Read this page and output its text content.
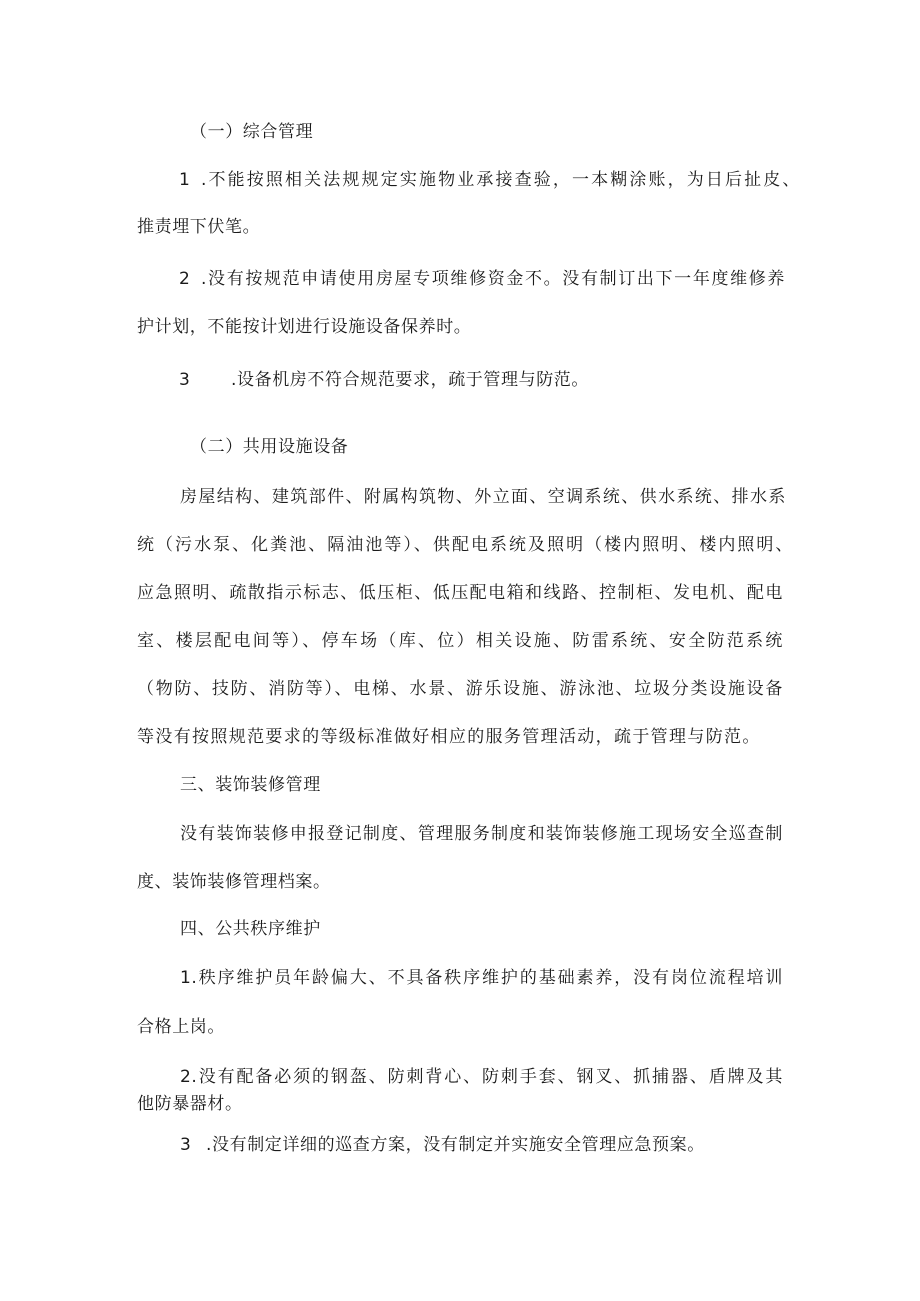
（一）综合管理
1 .不能按照相关法规规定实施物业承接查验，一本糊涂账，为日后扯皮、
推责埋下伏笔。
2 .没有按规范申请使用房屋专项维修资金不。没有制订出下一年度维修养
护计划，不能按计划进行设施设备保养时。
3 .设备机房不符合规范要求，疏于管理与防范。
（二）共用设施设备
房屋结构、建筑部件、附属构筑物、外立面、空调系统、供水系统、排水系
统（污水泵、化粪池、隔油池等）、供配电系统及照明（楼内照明、楼内照明、
应急照明、疏散指示标志、低压柜、低压配电箱和线路、控制柜、发电机、配电
室、楼层配电间等）、停车场（库、位）相关设施、防雷系统、安全防范系统
（物防、技防、消防等）、电梯、水景、游乐设施、游泳池、垃圾分类设施设备
等没有按照规范要求的等级标准做好相应的服务管理活动，疏于管理与防范。
三、装饰装修管理
没有装饰装修申报登记制度、管理服务制度和装饰装修施工现场安全巡查制
度、装饰装修管理档案。
四、公共秩序维护
1.秩序维护员年龄偏大、不具备秩序维护的基础素养，没有岗位流程培训
合格上岗。
2.没有配备必须的钢盔、防刺背心、防刺手套、钢叉、抓捕器、盾牌及其
他防暴器材。
3 .没有制定详细的巡查方案，没有制定并实施安全管理应急预案。
